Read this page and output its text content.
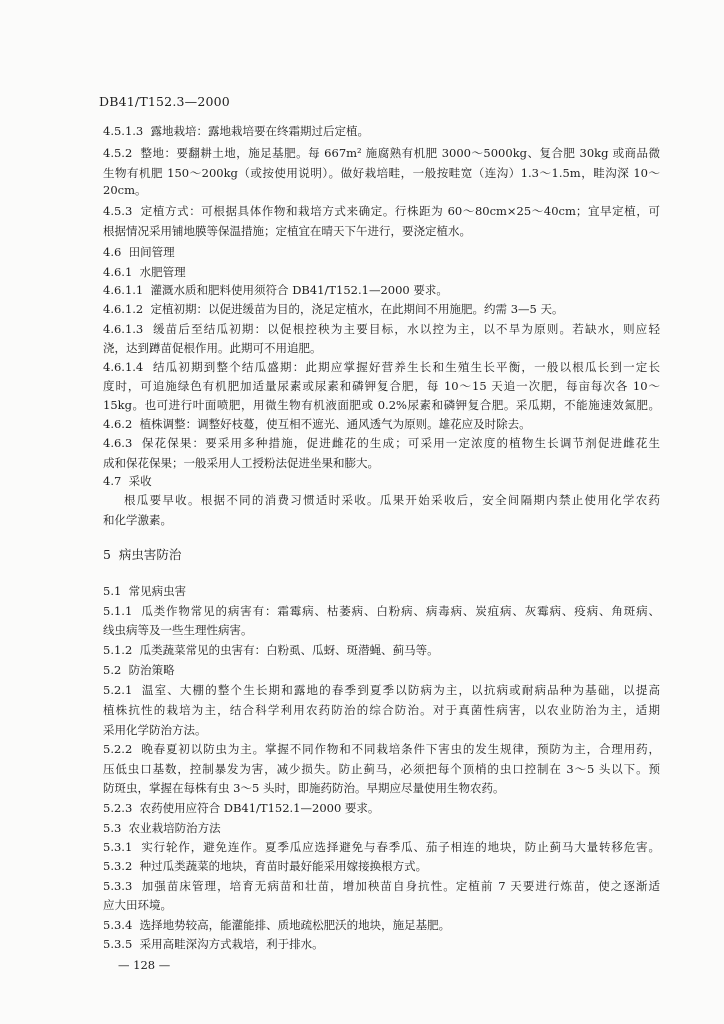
DB41/T152.3—2000
4.5.1.3  露地栽培：露地栽培要在终霜期过后定植。
4.5.2  整地：要翻耕土地，施足基肥。每 667m² 施腐熟有机肥 3000～5000kg、复合肥 30kg 或商品微
生物有机肥 150～200kg（或按使用说明）。做好栽培畦，一般按畦宽（连沟）1.3～1.5m，畦沟深 10～
20cm。
4.5.3  定植方式：可根据具体作物和栽培方式来确定。行株距为 60～80cm×25～40cm；宜早定植，可
根据情况采用铺地膜等保温措施；定植宜在晴天下午进行，要浇定植水。
4.6  田间管理
4.6.1  水肥管理
4.6.1.1  灌溉水质和肥料使用须符合 DB41/T152.1—2000 要求。
4.6.1.2  定植初期：以促进缓苗为目的，浇足定植水，在此期间不用施肥。约需 3—5 天。
4.6.1.3  缓苗后至结瓜初期：以促根控秧为主要目标，水以控为主，以不旱为原则。若缺水，则应轻
浇，达到蹲苗促根作用。此期可不用追肥。
4.6.1.4  结瓜初期到整个结瓜盛期：此期应掌握好营养生长和生殖生长平衡，一般以根瓜长到一定长
度时，可追施绿色有机肥加适量尿素或尿素和磷钾复合肥，每 10～15 天追一次肥，每亩每次各 10～
15kg。也可进行叶面喷肥，用微生物有机液面肥或 0.2%尿素和磷钾复合肥。采瓜期，不能施速效氮肥。
4.6.2  植株调整：调整好枝蔓，使互相不遮光、通风透气为原则。雄花应及时除去。
4.6.3  保花保果：要采用多种措施，促进雌花的生成；可采用一定浓度的植物生长调节剂促进雌花生
成和保花保果；一般采用人工授粉法促进坐果和膨大。
4.7  采收
根瓜要早收。根据不同的消费习惯适时采收。瓜果开始采收后，安全间隔期内禁止使用化学农药
和化学激素。
5  病虫害防治
5.1  常见病虫害
5.1.1  瓜类作物常见的病害有：霜霉病、枯萎病、白粉病、病毒病、炭疽病、灰霉病、疫病、角斑病、
线虫病等及一些生理性病害。
5.1.2  瓜类蔬菜常见的虫害有：白粉虱、瓜蚜、斑潜蝇、蓟马等。
5.2  防治策略
5.2.1  温室、大棚的整个生长期和露地的春季到夏季以防病为主，以抗病或耐病品种为基础，以提高
植株抗性的栽培为主，结合科学利用农药防治的综合防治。对于真菌性病害，以农业防治为主，适期
采用化学防治方法。
5.2.2  晚春夏初以防虫为主。掌握不同作物和不同栽培条件下害虫的发生规律，预防为主，合理用药，
压低虫口基数，控制暴发为害，减少损失。防止蓟马，必须把每个顶梢的虫口控制在 3～5 头以下。预
防斑虫，掌握在每株有虫 3～5 头时，即施药防治。早期应尽量使用生物农药。
5.2.3  农药使用应符合 DB41/T152.1—2000 要求。
5.3  农业栽培防治方法
5.3.1  实行轮作，避免连作。夏季瓜应选择避免与春季瓜、茄子相连的地块，防止蓟马大量转移危害。
5.3.2  种过瓜类蔬菜的地块，育苗时最好能采用嫁接换根方式。
5.3.3  加强苗床管理，培育无病苗和壮苗，增加秧苗自身抗性。定植前 7 天要进行炼苗，使之逐渐适
应大田环境。
5.3.4  选择地势较高，能灌能排、质地疏松肥沃的地块，施足基肥。
5.3.5  采用高畦深沟方式栽培，利于排水。
— 128 —
